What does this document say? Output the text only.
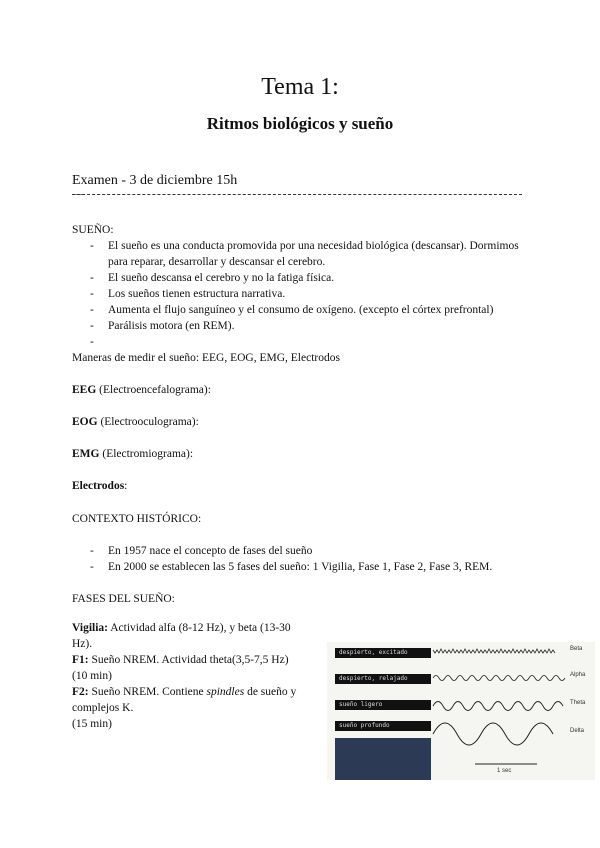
Tema 1:
Ritmos biológicos y sueño
Examen - 3 de diciembre 15h
—
SUEÑO:
- El sueño es una conducta promovida por una necesidad biológica (descansar). Dormimos para reparar, desarrollar y descansar el cerebro.
- El sueño descansa el cerebro y no la fatiga física.
- Los sueños tienen estructura narrativa.
- Aumenta el flujo sanguíneo y el consumo de oxígeno. (excepto el córtex prefrontal)
- Parálisis motora (en REM).
-

Maneras de medir el sueño: EEG, EOG, EMG, Electrodos
EEG (Electroencefalograma):
EOG (Electrooculograma):
EMG (Electromiograma):
Electrodos:
CONTEXTO HISTÓRICO:
- En 1957 nace el concepto de fases del sueño
- En 2000 se establecen las 5 fases del sueño: 1 Vigilia, Fase 1, Fase 2, Fase 3, REM.
FASES DEL SUEÑO:

Vigilia: Actividad alfa (8-12 Hz), y beta (13-30 Hz).

F1: Sueño NREM. Actividad theta(3,5-7,5 Hz)

(10 min)

F2: Sueño NREM. Contiene spindles de sueño y complejos K.

(15 min)

despierto, excitado
despierto, relajado
sueño ligero
sueño profundo
Beta
Alpha
Theta
Delta
1 sec
